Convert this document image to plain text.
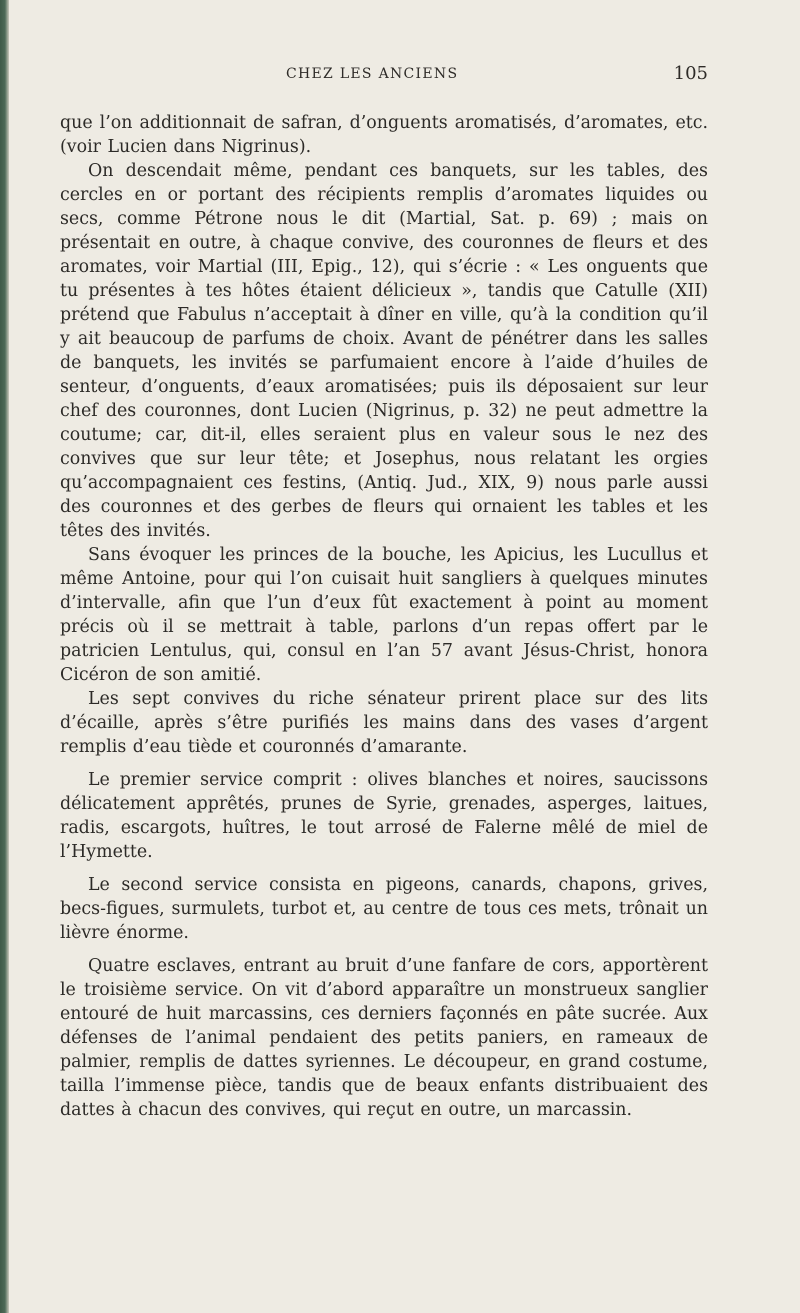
CHEZ LES ANCIENS	105

que l’on additionnait de safran, d’onguents aromatisés, d’aromates, etc. (voir Lucien dans Nigrinus).

On descendait même, pendant ces banquets, sur les tables, des cercles en or portant des récipients remplis d’aromates liquides ou secs, comme Pétrone nous le dit (Martial, Sat. p. 69) ; mais on présentait en outre, à chaque convive, des couronnes de fleurs et des aromates, voir Martial (III, Epig., 12), qui s’écrie : « Les onguents que tu présentes à tes hôtes étaient délicieux », tandis que Catulle (XII) prétend que Fabulus n’acceptait à dîner en ville, qu’à la condition qu’il y ait beaucoup de parfums de choix. Avant de pénétrer dans les salles de banquets, les invités se parfumaient encore à l’aide d’huiles de senteur, d’onguents, d’eaux aromatisées; puis ils déposaient sur leur chef des couronnes, dont Lucien (Nigrinus, p. 32) ne peut admettre la coutume; car, dit-il, elles seraient plus en valeur sous le nez des convives que sur leur tête; et Josephus, nous relatant les orgies qu’accompagnaient ces festins, (Antiq. Jud., XIX, 9) nous parle aussi des couronnes et des gerbes de fleurs qui ornaient les tables et les têtes des invités.

Sans évoquer les princes de la bouche, les Apicius, les Lucullus et même Antoine, pour qui l’on cuisait huit sangliers à quelques minutes d’intervalle, afin que l’un d’eux fût exactement à point au moment précis où il se mettrait à table, parlons d’un repas offert par le patricien Lentulus, qui, consul en l’an 57 avant Jésus-Christ, honora Cicéron de son amitié.

Les sept convives du riche sénateur prirent place sur des lits d’écaille, après s’être purifiés les mains dans des vases d’argent remplis d’eau tiède et couronnés d’amarante.

Le premier service comprit : olives blanches et noires, saucissons délicatement apprêtés, prunes de Syrie, grenades, asperges, laitues, radis, escargots, huîtres, le tout arrosé de Falerne mêlé de miel de l’Hymette.

Le second service consista en pigeons, canards, chapons, grives, becs-figues, surmulets, turbot et, au centre de tous ces mets, trônait un lièvre énorme.

Quatre esclaves, entrant au bruit d’une fanfare de cors, apportèrent le troisième service. On vit d’abord apparaître un monstrueux sanglier entouré de huit marcassins, ces derniers façonnés en pâte sucrée. Aux défenses de l’animal pendaient des petits paniers, en rameaux de palmier, remplis de dattes syriennes. Le découpeur, en grand costume, tailla l’immense pièce, tandis que de beaux enfants distribuaient des dattes à chacun des convives, qui reçut en outre, un marcassin.
